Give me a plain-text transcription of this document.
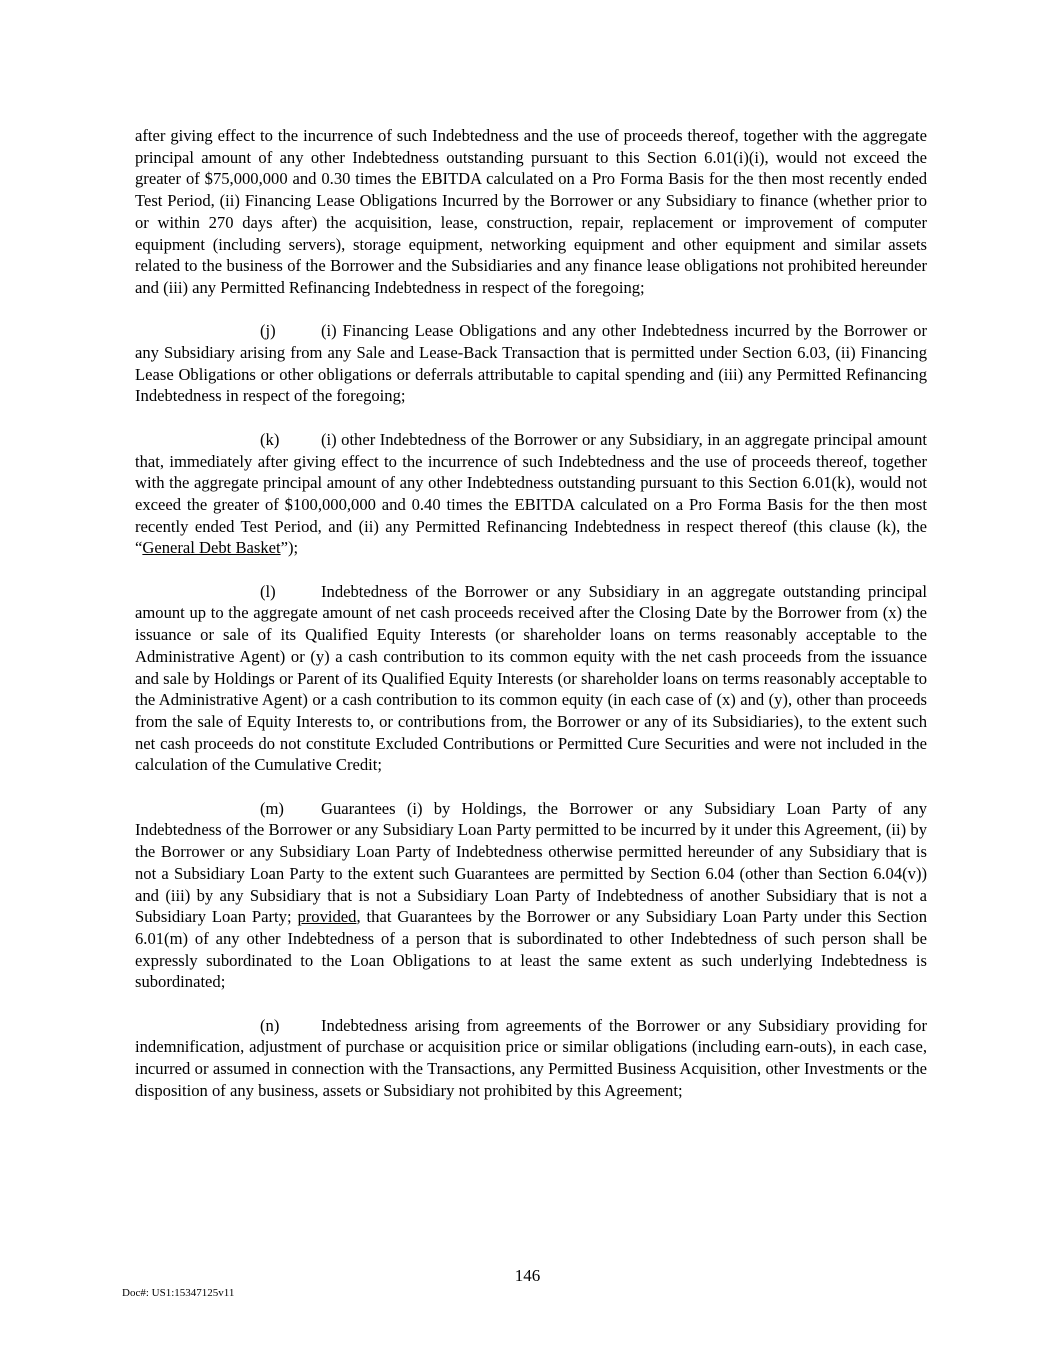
after giving effect to the incurrence of such Indebtedness and the use of proceeds thereof, together with the aggregate principal amount of any other Indebtedness outstanding pursuant to this Section 6.01(i)(i), would not exceed the greater of $75,000,000 and 0.30 times the EBITDA calculated on a Pro Forma Basis for the then most recently ended Test Period, (ii) Financing Lease Obligations Incurred by the Borrower or any Subsidiary to finance (whether prior to or within 270 days after) the acquisition, lease, construction, repair, replacement or improvement of computer equipment (including servers), storage equipment, networking equipment and other equipment and similar assets related to the business of the Borrower and the Subsidiaries and any finance lease obligations not prohibited hereunder and (iii) any Permitted Refinancing Indebtedness in respect of the foregoing;

(j)	(i) Financing Lease Obligations and any other Indebtedness incurred by the Borrower or any Subsidiary arising from any Sale and Lease-Back Transaction that is permitted under Section 6.03, (ii) Financing Lease Obligations or other obligations or deferrals attributable to capital spending and (iii) any Permitted Refinancing Indebtedness in respect of the foregoing;

(k)	(i) other Indebtedness of the Borrower or any Subsidiary, in an aggregate principal amount that, immediately after giving effect to the incurrence of such Indebtedness and the use of proceeds thereof, together with the aggregate principal amount of any other Indebtedness outstanding pursuant to this Section 6.01(k), would not exceed the greater of $100,000,000 and 0.40 times the EBITDA calculated on a Pro Forma Basis for the then most recently ended Test Period, and (ii) any Permitted Refinancing Indebtedness in respect thereof (this clause (k), the “General Debt Basket”);

(l)	Indebtedness of the Borrower or any Subsidiary in an aggregate outstanding principal amount up to the aggregate amount of net cash proceeds received after the Closing Date by the Borrower from (x) the issuance or sale of its Qualified Equity Interests (or shareholder loans on terms reasonably acceptable to the Administrative Agent) or (y) a cash contribution to its common equity with the net cash proceeds from the issuance and sale by Holdings or Parent of its Qualified Equity Interests (or shareholder loans on terms reasonably acceptable to the Administrative Agent) or a cash contribution to its common equity (in each case of (x) and (y), other than proceeds from the sale of Equity Interests to, or contributions from, the Borrower or any of its Subsidiaries), to the extent such net cash proceeds do not constitute Excluded Contributions or Permitted Cure Securities and were not included in the calculation of the Cumulative Credit;

(m) Guarantees (i) by Holdings, the Borrower or any Subsidiary Loan Party of any Indebtedness of the Borrower or any Subsidiary Loan Party permitted to be incurred by it under this Agreement, (ii) by the Borrower or any Subsidiary Loan Party of Indebtedness otherwise permitted hereunder of any Subsidiary that is not a Subsidiary Loan Party to the extent such Guarantees are permitted by Section 6.04 (other than Section 6.04(v)) and (iii) by any Subsidiary that is not a Subsidiary Loan Party of Indebtedness of another Subsidiary that is not a Subsidiary Loan Party; provided, that Guarantees by the Borrower or any Subsidiary Loan Party under this Section 6.01(m) of any other Indebtedness of a person that is subordinated to other Indebtedness of such person shall be expressly subordinated to the Loan Obligations to at least the same extent as such underlying Indebtedness is subordinated;

(n)	Indebtedness arising from agreements of the Borrower or any Subsidiary providing for indemnification, adjustment of purchase or acquisition price or similar obligations (including earn-outs), in each case, incurred or assumed in connection with the Transactions, any Permitted Business Acquisition, other Investments or the disposition of any business, assets or Subsidiary not prohibited by this Agreement;

146
Doc#: US1:15347125v11
